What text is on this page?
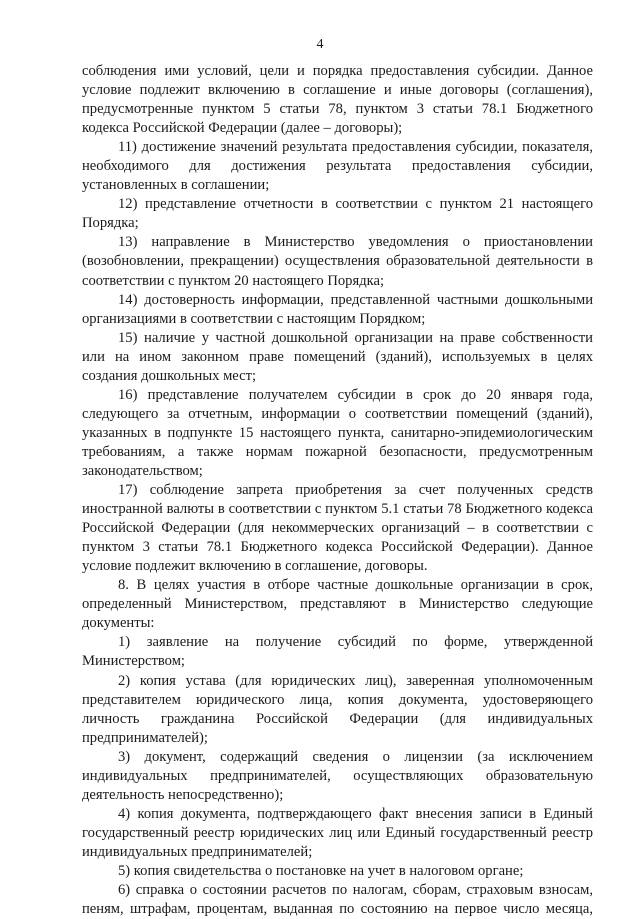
4

соблюдения ими условий, цели и порядка предоставления субсидии. Данное условие подлежит включению в соглашение и иные договоры (соглашения), предусмотренные пунктом 5 статьи 78, пунктом 3 статьи 78.1 Бюджетного кодекса Российской Федерации (далее – договоры);

11) достижение значений результата предоставления субсидии, показателя, необходимого для достижения результата предоставления субсидии, установленных в соглашении;

12) представление отчетности в соответствии с пунктом 21 настоящего Порядка;

13) направление в Министерство уведомления о приостановлении (возобновлении, прекращении) осуществления образовательной деятельности в соответствии с пунктом 20 настоящего Порядка;

14) достоверность информации, представленной частными дошкольными организациями в соответствии с настоящим Порядком;

15) наличие у частной дошкольной организации на праве собственности или на ином законном праве помещений (зданий), используемых в целях создания дошкольных мест;

16) представление получателем субсидии в срок до 20 января года, следующего за отчетным, информации о соответствии помещений (зданий), указанных в подпункте 15 настоящего пункта, санитарно-эпидемиологическим требованиям, а также нормам пожарной безопасности, предусмотренным законодательством;

17) соблюдение запрета приобретения за счет полученных средств иностранной валюты в соответствии с пунктом 5.1 статьи 78 Бюджетного кодекса Российской Федерации (для некоммерческих организаций – в соответствии с пунктом 3 статьи 78.1 Бюджетного кодекса Российской Федерации). Данное условие подлежит включению в соглашение, договоры.

8. В целях участия в отборе частные дошкольные организации в срок, определенный Министерством, представляют в Министерство следующие документы:

1) заявление на получение субсидий по форме, утвержденной Министерством;

2) копия устава (для юридических лиц), заверенная уполномоченным представителем юридического лица, копия документа, удостоверяющего личность гражданина Российской Федерации (для индивидуальных предпринимателей);

3) документ, содержащий сведения о лицензии (за исключением индивидуальных предпринимателей, осуществляющих образовательную деятельность непосредственно);

4) копия документа, подтверждающего факт внесения записи в Единый государственный реестр юридических лиц или Единый государственный реестр индивидуальных предпринимателей;

5) копия свидетельства о постановке на учет в налоговом органе;

6) справка о состоянии расчетов по налогам, сборам, страховым взносам, пеням, штрафам, процентам, выданная по состоянию на первое число месяца,
